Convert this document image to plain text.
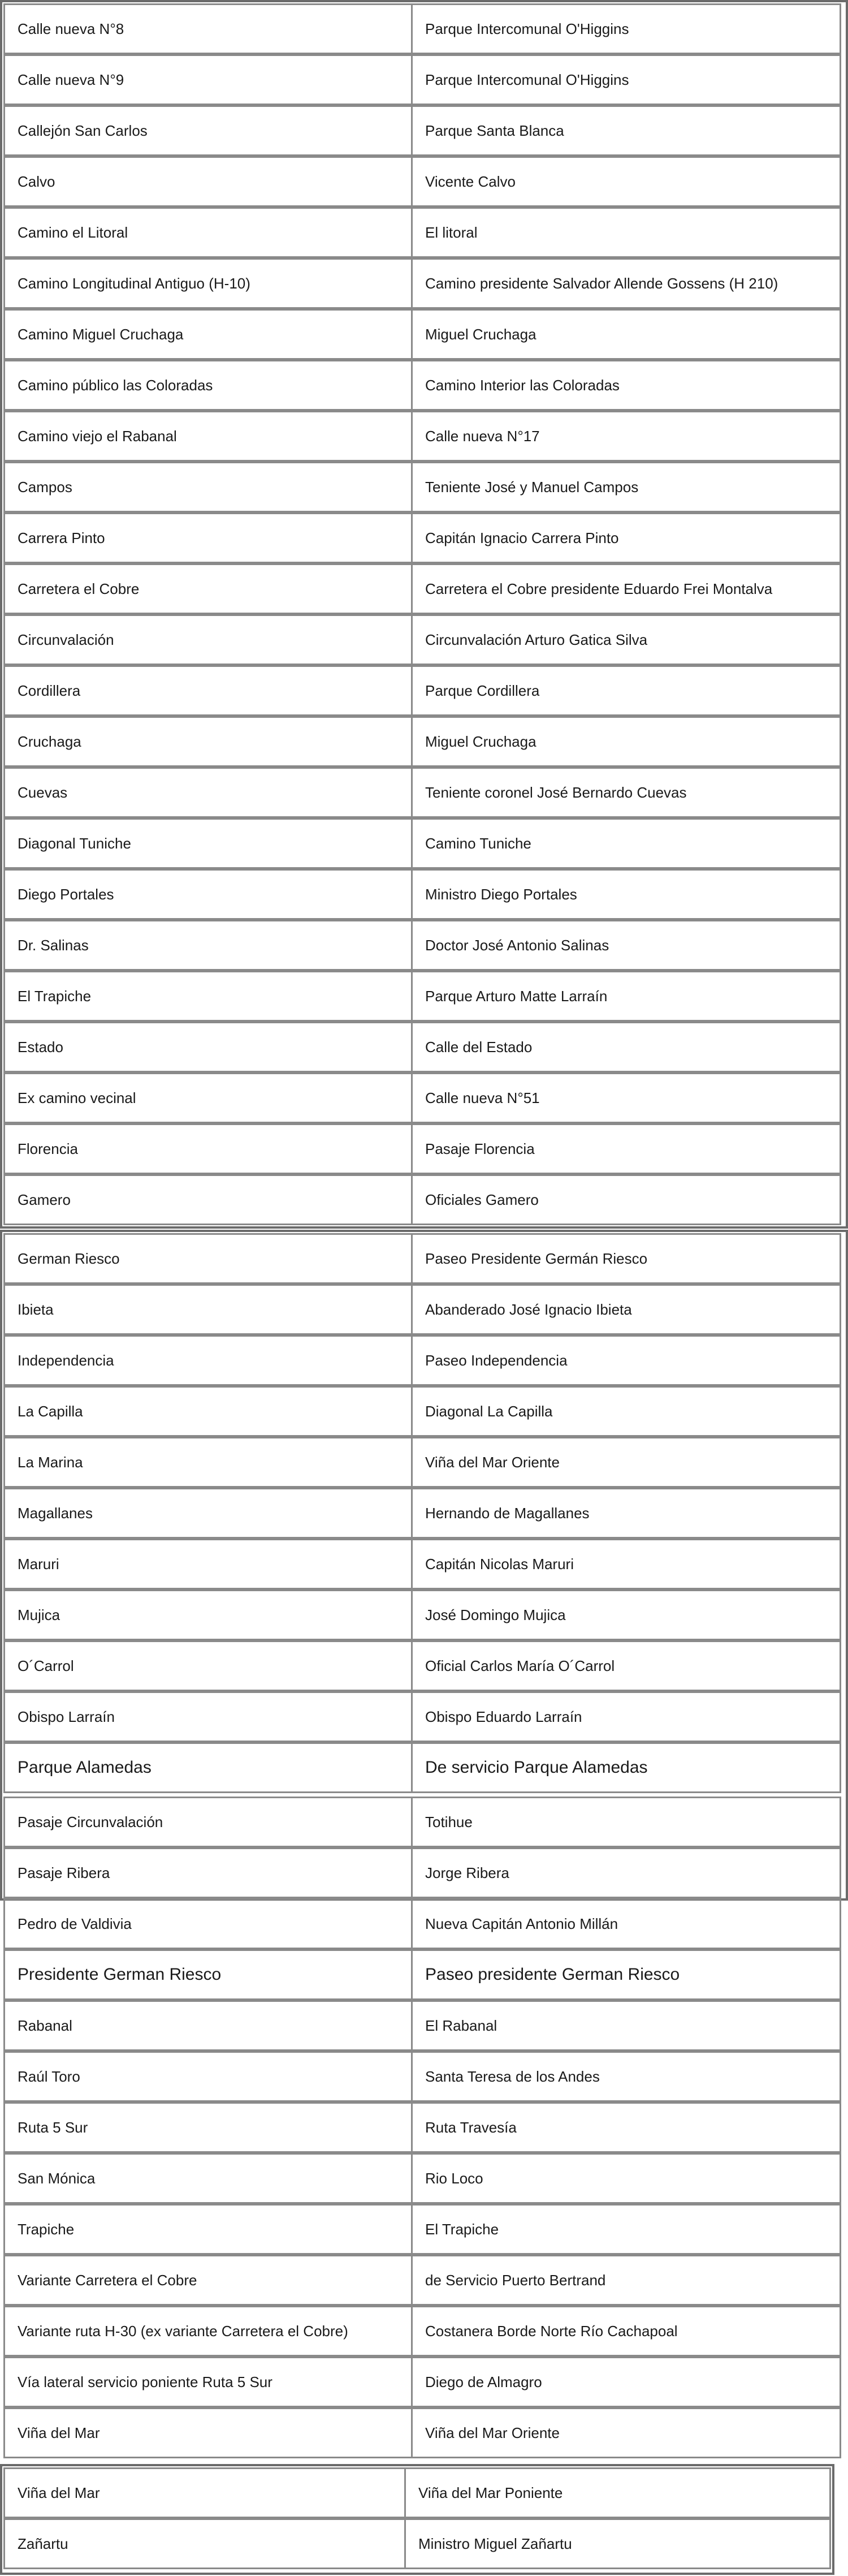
Calle nueva N°8	Parque Intercomunal O'Higgins
Calle nueva N°9	Parque Intercomunal O'Higgins
Callejón San Carlos	Parque Santa Blanca
Calvo	Vicente Calvo
Camino el Litoral	El litoral
Camino Longitudinal Antiguo (H-10)	Camino presidente Salvador Allende Gossens (H 210)
Camino Miguel Cruchaga	Miguel Cruchaga
Camino público las Coloradas	Camino Interior las Coloradas
Camino viejo el Rabanal	Calle nueva N°17
Campos	Teniente José y Manuel Campos
Carrera Pinto	Capitán Ignacio Carrera Pinto
Carretera el Cobre	Carretera el Cobre presidente Eduardo Frei Montalva
Circunvalación	Circunvalación Arturo Gatica Silva
Cordillera	Parque Cordillera
Cruchaga	Miguel Cruchaga
Cuevas	Teniente coronel José Bernardo Cuevas
Diagonal Tuniche	Camino Tuniche
Diego Portales	Ministro Diego Portales
Dr. Salinas	Doctor José Antonio Salinas
El Trapiche	Parque Arturo Matte Larraín
Estado	Calle del Estado
Ex camino vecinal	Calle nueva N°51
Florencia	Pasaje Florencia
Gamero	Oficiales Gamero
German Riesco	Paseo Presidente Germán Riesco
Ibieta	Abanderado José Ignacio Ibieta
Independencia	Paseo Independencia
La Capilla	Diagonal La Capilla
La Marina	Viña del Mar Oriente
Magallanes	Hernando de Magallanes
Maruri	Capitán Nicolas Maruri
Mujica	José Domingo Mujica
O´Carrol	Oficial Carlos María O´Carrol
Obispo Larraín	Obispo Eduardo Larraín
Parque Alamedas	De servicio Parque Alamedas
Pasaje Circunvalación	Totihue
Pasaje Ribera	Jorge Ribera
Pedro de Valdivia	Nueva Capitán Antonio Millán
Presidente German Riesco	Paseo presidente German Riesco
Rabanal	El Rabanal
Raúl Toro	Santa Teresa de los Andes
Ruta 5 Sur	Ruta Travesía
San Mónica	Rio Loco
Trapiche	El Trapiche
Variante Carretera el Cobre	de Servicio Puerto Bertrand
Variante ruta H-30 (ex variante Carretera el Cobre)	Costanera Borde Norte Río Cachapoal
Vía lateral servicio poniente Ruta 5 Sur	Diego de Almagro
Viña del Mar	Viña del Mar Oriente
Viña del Mar	Viña del Mar Poniente
Zañartu	Ministro Miguel Zañartu
